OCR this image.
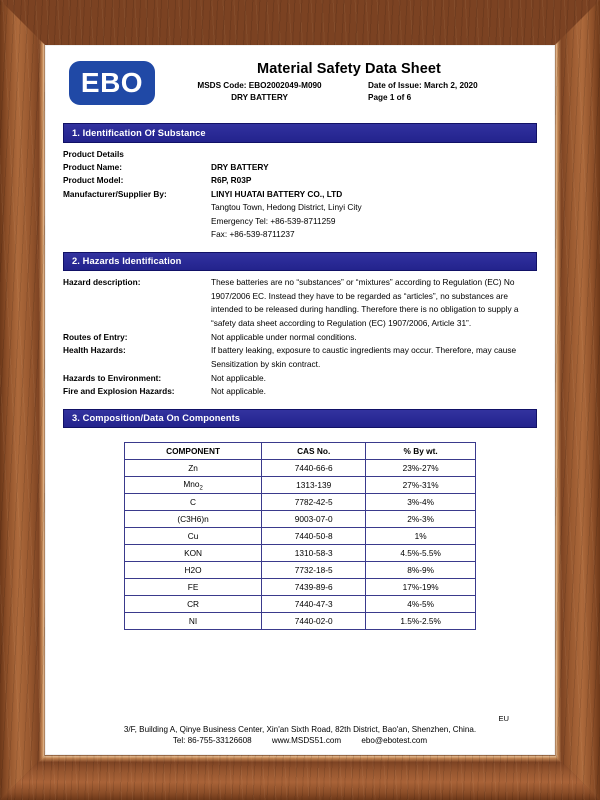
EBO	Material Safety Data Sheet
MSDS Code: EBO2002049-M090	Date of Issue: March 2, 2020
DRY BATTERY	Page 1 of 6
1. Identification Of Substance
Product Details
Product Name:	DRY BATTERY
Product Model:	R6P, R03P
Manufacturer/Supplier By:	LINYI HUATAI BATTERY CO., LTD
Tangtou Town, Hedong District, Linyi City
Emergency Tel: +86-539-8711259
Fax: +86-539-8711237
2. Hazards Identification
Hazard description:	These batteries are no “substances” or “mixtures” according to Regulation (EC) No 1907/2006 EC. Instead they have to be regarded as “articles”, no substances are intended to be released during handling. Therefore there is no obligation to supply a “safety data sheet according to Regulation (EC) 1907/2006, Article 31”.
Routes of Entry:	Not applicable under normal conditions.
Health Hazards:	If battery leaking, exposure to caustic ingredients may occur. Therefore, may cause Sensitization by skin contract.
Hazards to Environment:	Not applicable.
Fire and Explosion Hazards:	Not applicable.
3. Composition/Data On Components
COMPONENT	CAS No.	% By wt.
Zn	7440-66-6	23%-27%
Mno$_2$	1313-139	27%-31%
C	7782-42-5	3%-4%
(C3H6)n	9003-07-0	2%-3%
Cu	7440-50-8	1%
KON	1310-58-3	4.5%-5.5%
H2O	7732-18-5	8%-9%
FE	7439-89-6	17%-19%
CR	7440-47-3	4%-5%
NI	7440-02-0	1.5%-2.5%
EU
3/F, Building A, Qinye Business Center, Xin'an Sixth Road, 82th District, Bao'an, Shenzhen, China.
Tel: 86-755-33126608	www.MSDS51.com	ebo@ebotest.com
